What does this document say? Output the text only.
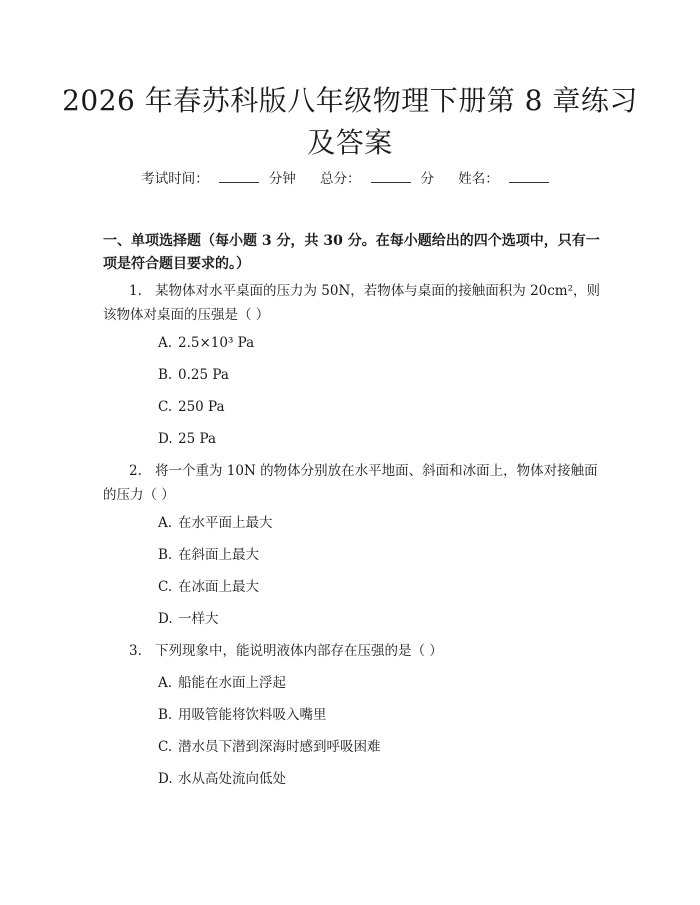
2026 年春苏科版八年级物理下册第 8 章练习
及答案
考试时间：	分钟 总分：	分 姓名：
一、单项选择题（每小题 3 分，共 30 分。在每小题给出的四个选项中，只有一项是符合题目要求的。）
1. 某物体对水平桌面的压力为 50N，若物体与桌面的接触面积为 20cm²，则该物体对桌面的压强是（ ）
A. 2.5×10³ Pa
B. 0.25 Pa
C. 250 Pa
D. 25 Pa
2. 将一个重为 10N 的物体分别放在水平地面、斜面和冰面上，物体对接触面的压力（ ）
A. 在水平面上最大
B. 在斜面上最大
C. 在冰面上最大
D. 一样大
3. 下列现象中，能说明液体内部存在压强的是（ ）
A. 船能在水面上浮起
B. 用吸管能将饮料吸入嘴里
C. 潜水员下潜到深海时感到呼吸困难
D. 水从高处流向低处
